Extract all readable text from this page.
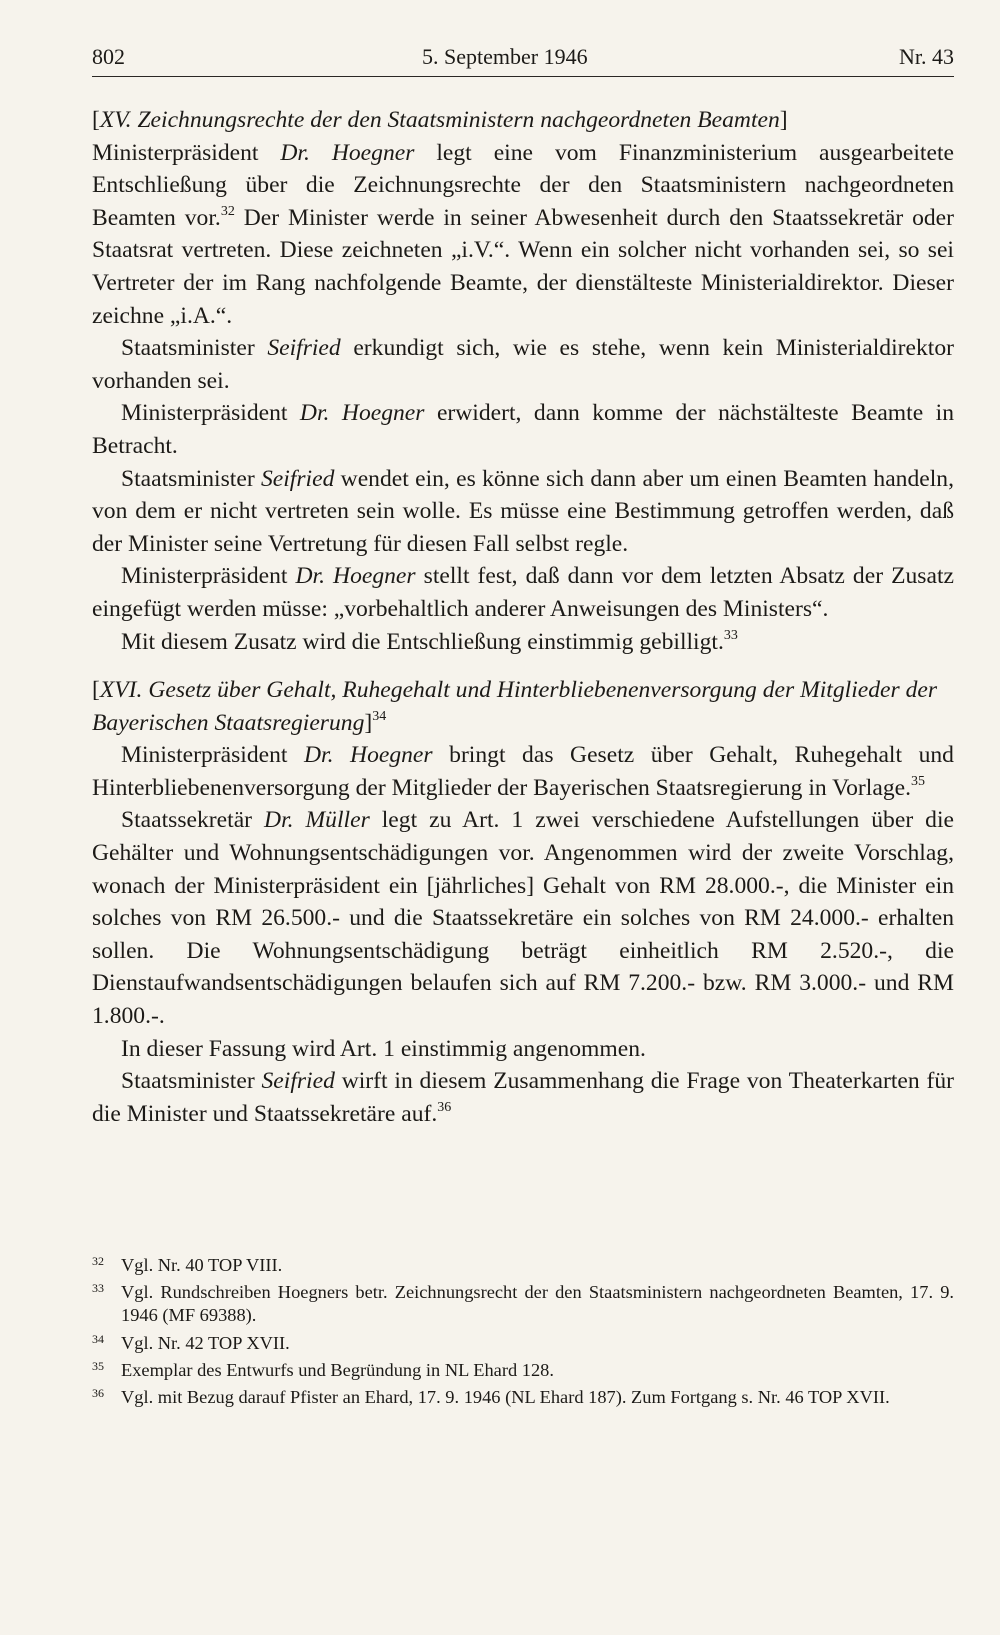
802	5. September 1946	Nr. 43

[XV. Zeichnungsrechte der den Staatsministern nachgeordneten Beamten]

Ministerpräsident Dr. Hoegner legt eine vom Finanzministerium ausgearbeitete Entschließung über die Zeichnungsrechte der den Staatsministern nachgeordneten Beamten vor.$^{32}$ Der Minister werde in seiner Abwesenheit durch den Staatssekretär oder Staatsrat vertreten. Diese zeichneten „i.V.“. Wenn ein solcher nicht vorhanden sei, so sei Vertreter der im Rang nachfolgende Beamte, der dienstälteste Ministerialdirektor. Dieser zeichne „i.A.“.

Staatsminister Seifried erkundigt sich, wie es stehe, wenn kein Ministerialdirektor vorhanden sei.

Ministerpräsident Dr. Hoegner erwidert, dann komme der nächstälteste Beamte in Betracht.

Staatsminister Seifried wendet ein, es könne sich dann aber um einen Beamten handeln, von dem er nicht vertreten sein wolle. Es müsse eine Bestimmung getroffen werden, daß der Minister seine Vertretung für diesen Fall selbst regle.

Ministerpräsident Dr. Hoegner stellt fest, daß dann vor dem letzten Absatz der Zusatz eingefügt werden müsse: „vorbehaltlich anderer Anweisungen des Ministers“.

Mit diesem Zusatz wird die Entschließung einstimmig gebilligt.$^{33}$

[XVI. Gesetz über Gehalt, Ruhegehalt und Hinterbliebenenversorgung der Mitglieder der Bayerischen Staatsregierung]$^{34}$

Ministerpräsident Dr. Hoegner bringt das Gesetz über Gehalt, Ruhegehalt und Hinterbliebenenversorgung der Mitglieder der Bayerischen Staatsregierung in Vorlage.$^{35}$

Staatssekretär Dr. Müller legt zu Art. 1 zwei verschiedene Aufstellungen über die Gehälter und Wohnungsentschädigungen vor. Angenommen wird der zweite Vorschlag, wonach der Ministerpräsident ein [jährliches] Gehalt von RM 28.000.-, die Minister ein solches von RM 26.500.- und die Staatssekretäre ein solches von RM 24.000.- erhalten sollen. Die Wohnungsentschädigung beträgt einheitlich RM 2.520.-, die Dienstaufwandsentschädigungen belaufen sich auf RM 7.200.- bzw. RM 3.000.- und RM 1.800.-.

In dieser Fassung wird Art. 1 einstimmig angenommen.

Staatsminister Seifried wirft in diesem Zusammenhang die Frage von Theaterkarten für die Minister und Staatssekretäre auf.$^{36}$

32 Vgl. Nr. 40 TOP VIII.

33 Vgl. Rundschreiben Hoegners betr. Zeichnungsrecht der den Staatsministern nachgeordneten Beamten, 17. 9. 1946 (MF 69388).

34 Vgl. Nr. 42 TOP XVII.

35 Exemplar des Entwurfs und Begründung in NL Ehard 128.

36 Vgl. mit Bezug darauf Pfister an Ehard, 17. 9. 1946 (NL Ehard 187). Zum Fortgang s. Nr. 46 TOP XVII.
